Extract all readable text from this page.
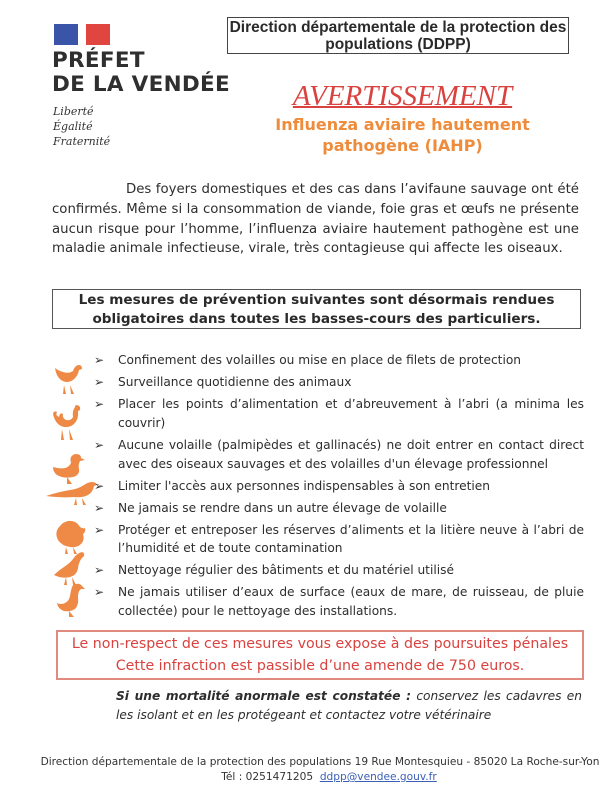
PRÉFET
DE LA VENDÉE
Liberté
Égalité
Fraternité
Direction départementale de la protection des populations (DDPP)
AVERTISSEMENT
Influenza aviaire hautement
pathogène (IAHP)

Des foyers domestiques et des cas dans l’avifaune sauvage ont été confirmés. Même si la consommation de viande, foie gras et œufs ne présente aucun risque pour l’homme, l’influenza aviaire hautement pathogène est une maladie animale infectieuse, virale, très contagieuse qui affecte les oiseaux.

Les mesures de prévention suivantes sont désormais rendues
obligatoires dans toutes les basses-cours des particuliers.
➢ Confinement des volailles ou mise en place de filets de protection
➢ Surveillance quotidienne des animaux
➢ Placer les points d’alimentation et d’abreuvement à l’abri (a minima les couvrir)
➢ Aucune volaille (palmipèdes et gallinacés) ne doit entrer en contact direct avec des oiseaux sauvages et des volailles d'un élevage professionnel
➢ Limiter l'accès aux personnes indispensables à son entretien
➢ Ne jamais se rendre dans un autre élevage de volaille
➢ Protéger et entreposer les réserves d’aliments et la litière neuve à l’abri de l’humidité et de toute contamination
➢ Nettoyage régulier des bâtiments et du matériel utilisé
➢ Ne jamais utiliser d’eaux de surface (eaux de mare, de ruisseau, de pluie collectée) pour le nettoyage des installations.
Le non-respect de ces mesures vous expose à des poursuites pénales
Cette infraction est passible d’une amende de 750 euros.
Si une mortalité anormale est constatée : conservez les cadavres en les isolant et en les protégeant et contactez votre vétérinaire
Direction départementale de la protection des populations 19 Rue Montesquieu - 85020 La Roche-sur-YonTél : 0251471205 ddpp@vendee.gouv.fr
